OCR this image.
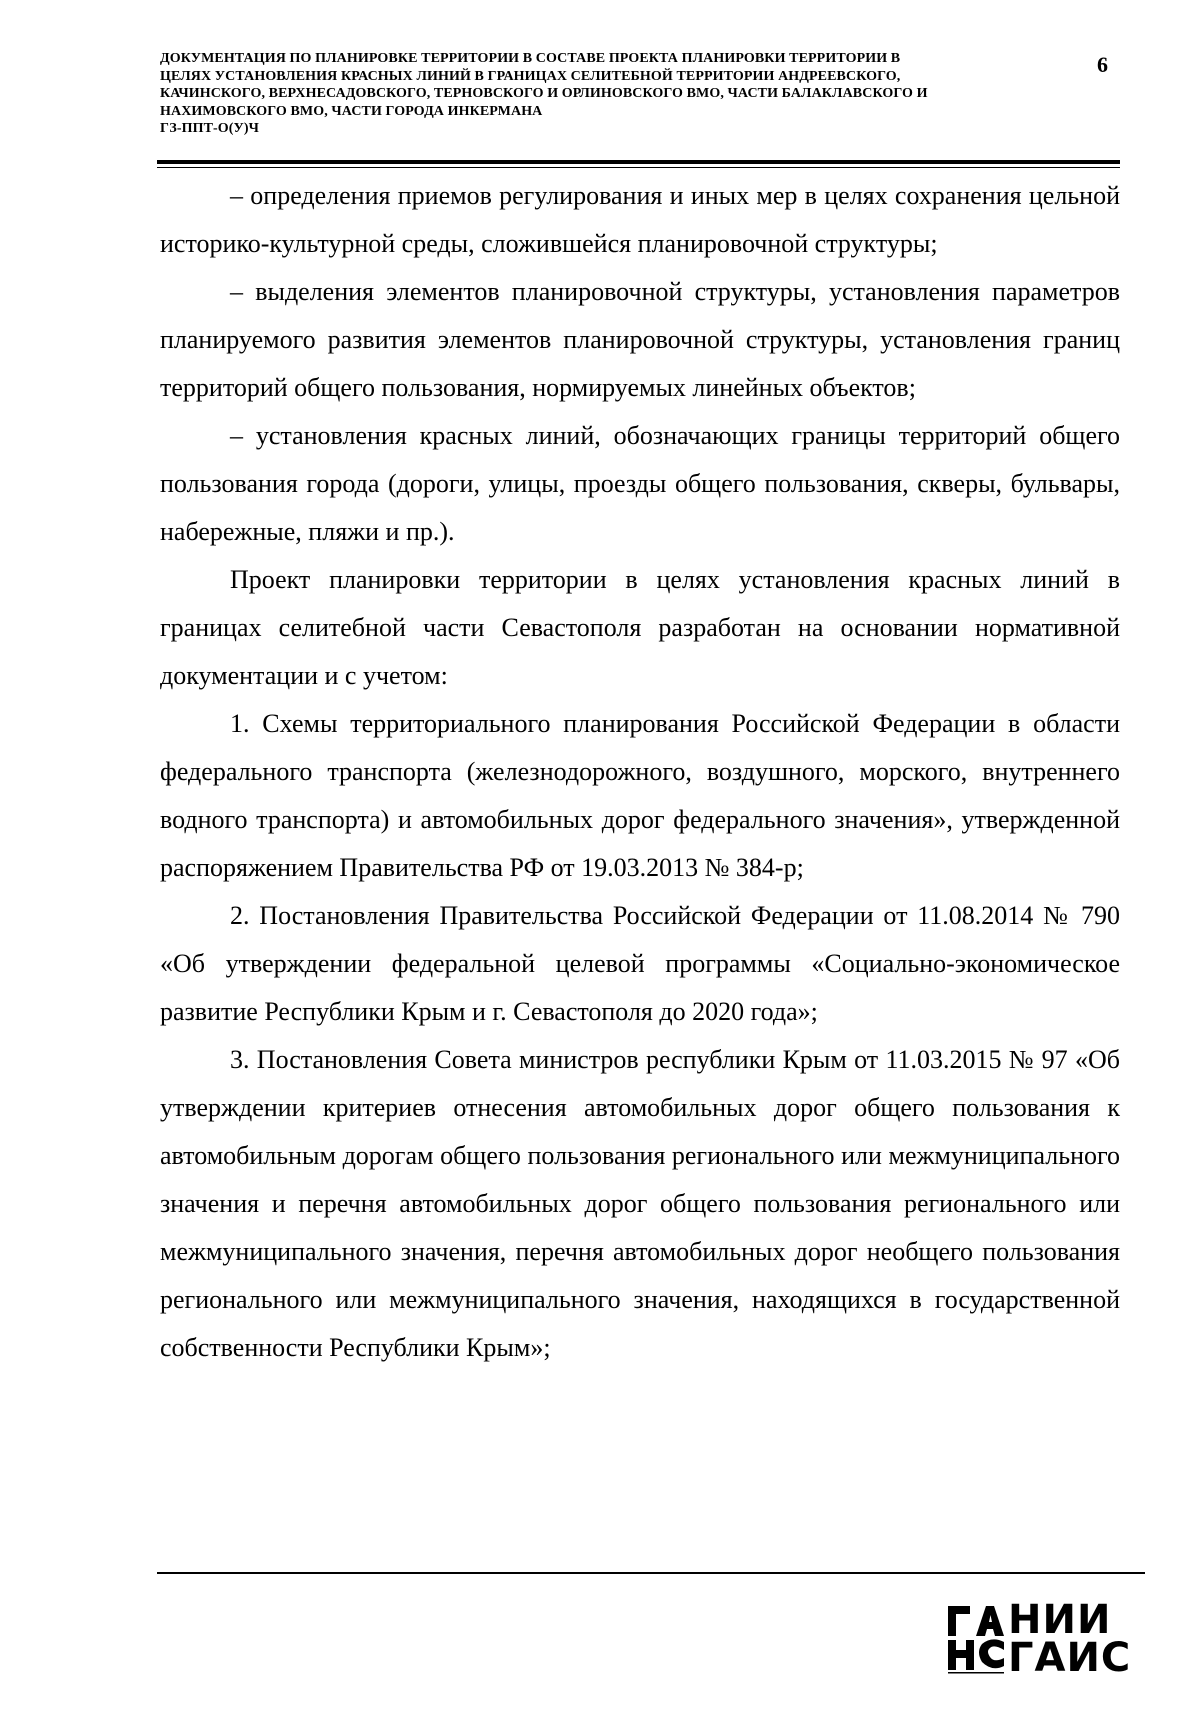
ДОКУМЕНТАЦИЯ ПО ПЛАНИРОВКЕ ТЕРРИТОРИИ В СОСТАВЕ ПРОЕКТА ПЛАНИРОВКИ ТЕРРИТОРИИ В
ЦЕЛЯХ УСТАНОВЛЕНИЯ КРАСНЫХ ЛИНИЙ В ГРАНИЦАХ СЕЛИТЕБНОЙ ТЕРРИТОРИИ АНДРЕЕВСКОГО,
КАЧИНСКОГО, ВЕРХНЕСАДОВСКОГО, ТЕРНОВСКОГО И ОРЛИНОВСКОГО ВМО, ЧАСТИ БАЛАКЛАВСКОГО И
НАХИМОВСКОГО ВМО, ЧАСТИ ГОРОДА ИНКЕРМАНА
ГЗ-ППТ-О(У)Ч
6

– определения приемов регулирования и иных мер в целях сохранения цельной историко-культурной среды, сложившейся планировочной структуры;

– выделения элементов планировочной структуры, установления параметров планируемого развития элементов планировочной структуры, установления границ территорий общего пользования, нормируемых линейных объектов;

– установления красных линий, обозначающих границы территорий общего пользования города (дороги, улицы, проезды общего пользования, скверы, бульвары, набережные, пляжи и пр.).

Проект планировки территории в целях установления красных линий в границах селитебной части Севастополя разработан на основании нормативной документации и с учетом:

1. Схемы территориального планирования Российской Федерации в области федерального транспорта (железнодорожного, воздушного, морского, внутреннего водного транспорта) и автомобильных дорог федерального значения», утвержденной распоряжением Правительства РФ от 19.03.2013 № 384-р;

2. Постановления Правительства Российской Федерации от 11.08.2014 № 790 «Об утверждении федеральной целевой программы «Социально-экономическое развитие Республики Крым и г. Севастополя до 2020 года»;

3. Постановления Совета министров республики Крым от 11.03.2015 № 97 «Об утверждении критериев отнесения автомобильных дорог общего пользования к автомобильным дорогам общего пользования регионального или межмуниципального значения и перечня автомобильных дорог общего пользования регионального или межмуниципального значения, перечня автомобильных дорог необщего пользования регионального или межмуниципального значения, находящихся в государственной собственности Республики Крым»;

НИИ
ГАИС
